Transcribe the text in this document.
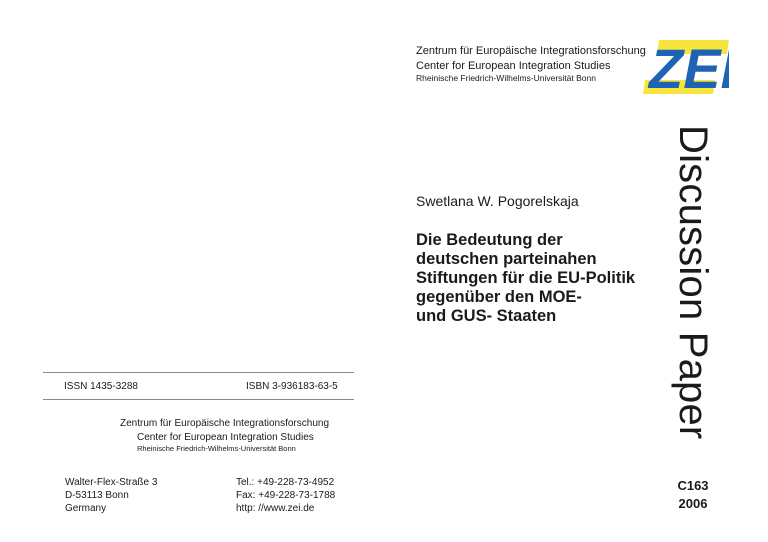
Zentrum für Europäische Integrationsforschung
Center for European Integration Studies
Rheinische Friedrich-Wilhelms-Universität Bonn ZEI
Swetlana W. Pogorelskaja
Die Bedeutung der
deutschen parteinahen
Stiftungen für die EU-Politik
gegenüber den MOE-
und GUS- Staaten	Discussion Paper
C163
2006
ISSN 1435-3288	ISBN 3-936183-63-5
Zentrum für Europäische Integrationsforschung
Center for European Integration Studies
Rheinische Friedrich-Wilhelms-Universität Bonn
Walter-Flex-Straße 3
D-53113 Bonn
Germany
Tel.: +49-228-73-4952
Fax: +49-228-73-1788
http: //www.zei.de
